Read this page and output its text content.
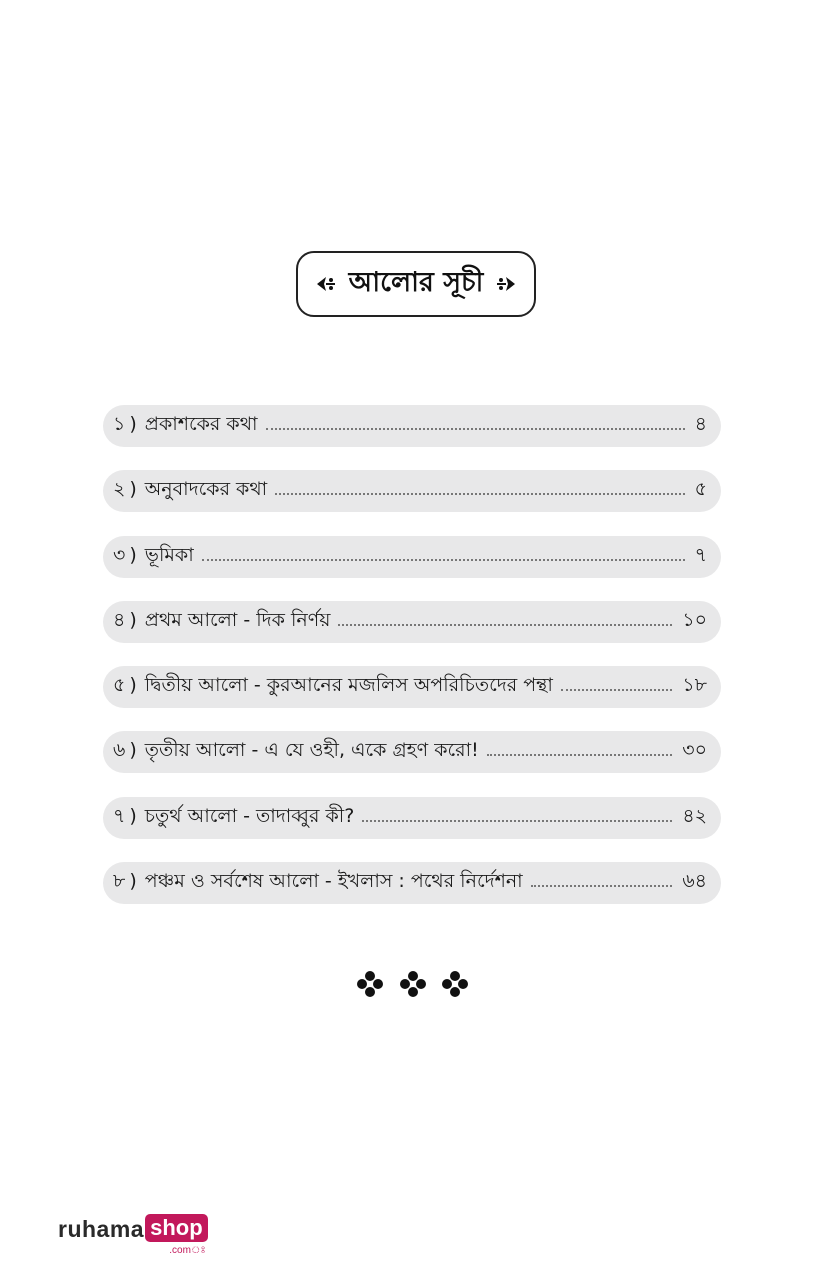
আলোর সূচী
১ ) প্রকাশকের কথা	৪
২ ) অনুবাদকের কথা	৫
৩ ) ভূমিকা	৭
৪ ) প্রথম আলো - দিক নির্ণয়	১০
৫ ) দ্বিতীয় আলো - কুরআনের মজলিস অপরিচিতদের পন্থা	১৮
৬ ) তৃতীয় আলো - এ যে ওহী, একে গ্রহণ করো!	৩০
৭ ) চতুর্থ আলো - তাদাব্বুর কী?	৪২
৮ ) পঞ্চম ও সর্বশেষ আলো - ইখলাস : পথের নির্দেশনা	৬৪
ruhama shop
.comঃ
